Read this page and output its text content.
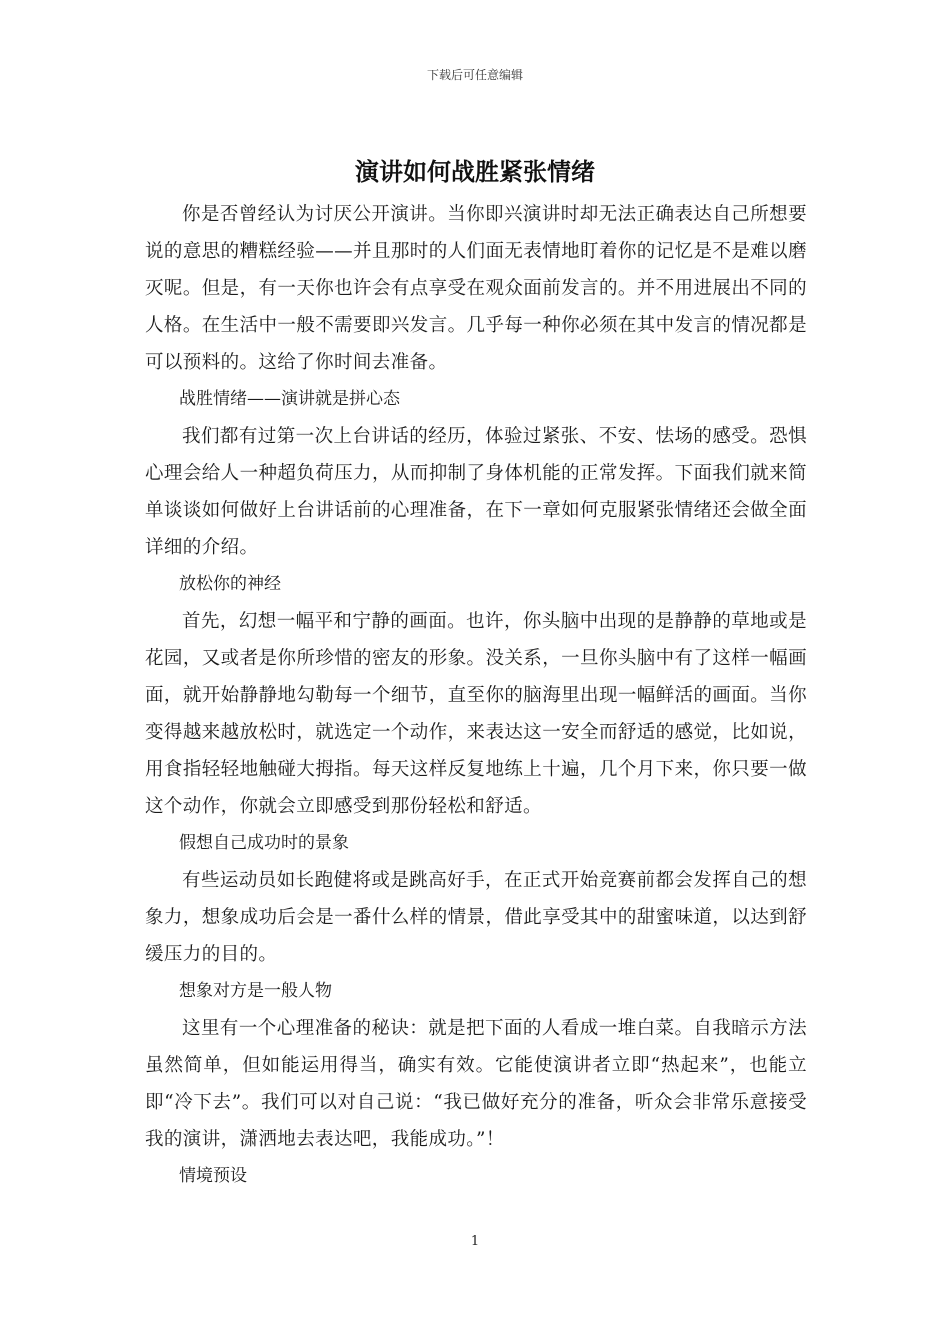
下载后可任意编辑
演讲如何战胜紧张情绪

你是否曾经认为讨厌公开演讲。当你即兴演讲时却无法正确表达自己所想要说的意思的糟糕经验——并且那时的人们面无表情地盯着你的记忆是不是难以磨灭呢。但是，有一天你也许会有点享受在观众面前发言的。并不用进展出不同的人格。在生活中一般不需要即兴发言。几乎每一种你必须在其中发言的情况都是可以预料的。这给了你时间去准备。

战胜情绪——演讲就是拼心态

我们都有过第一次上台讲话的经历，体验过紧张、不安、怯场的感受。恐惧心理会给人一种超负荷压力，从而抑制了身体机能的正常发挥。下面我们就来简单谈谈如何做好上台讲话前的心理准备，在下一章如何克服紧张情绪还会做全面详细的介绍。

放松你的神经

首先，幻想一幅平和宁静的画面。也许，你头脑中出现的是静静的草地或是花园，又或者是你所珍惜的密友的形象。没关系，一旦你头脑中有了这样一幅画面，就开始静静地勾勒每一个细节，直至你的脑海里出现一幅鲜活的画面。当你变得越来越放松时，就选定一个动作，来表达这一安全而舒适的感觉，比如说，用食指轻轻地触碰大拇指。每天这样反复地练上十遍，几个月下来，你只要一做这个动作，你就会立即感受到那份轻松和舒适。

假想自己成功时的景象

有些运动员如长跑健将或是跳高好手，在正式开始竞赛前都会发挥自己的想象力，想象成功后会是一番什么样的情景，借此享受其中的甜蜜味道，以达到舒缓压力的目的。

想象对方是一般人物

这里有一个心理准备的秘诀：就是把下面的人看成一堆白菜。自我暗示方法虽然简单，但如能运用得当，确实有效。它能使演讲者立即“热起来”，也能立即“冷下去”。我们可以对自己说：“我已做好充分的准备，听众会非常乐意接受我的演讲，潇洒地去表达吧，我能成功。”！

情境预设

1
